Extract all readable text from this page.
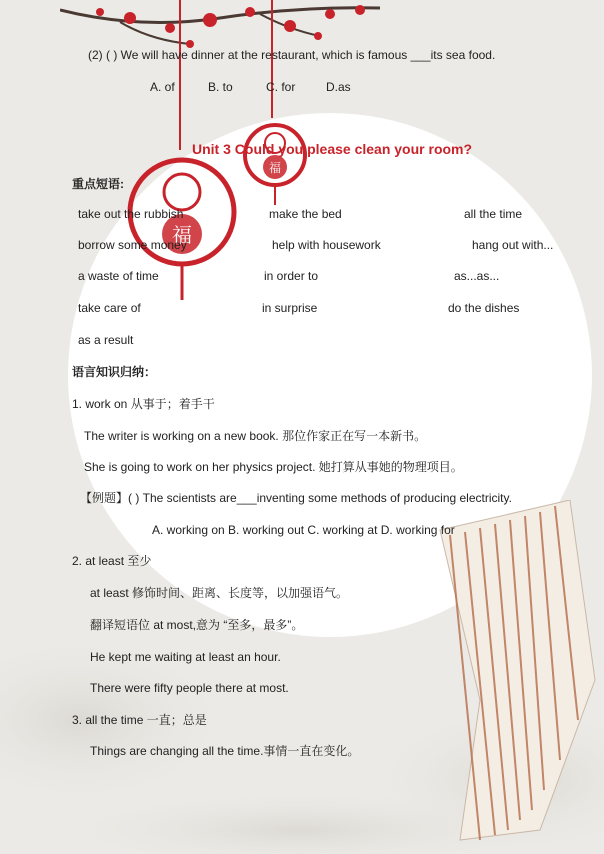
福
福
(2) ( ) We will have dinner at the restaurant, which is famous ___its sea food.
A. of	B. to	C. for	D.as
Unit 3 Could you please clean your room?
重点短语:
take out the rubbish	make the bed	all the time
borrow some money	help with housework	hang out with...
a waste of time	in order to	as...as...
take care of	in surprise	do the dishes
as a result
语言知识归纳：
1. work on 从事于；着手干
The writer is working on a new book. 那位作家正在写一本新书。
She is going to work on her physics project. 她打算从事她的物理项目。
【例题】( ) The scientists are___inventing some methods of producing electricity.
A. working on B. working out C. working at D. working for
2. at least 至少
at least 修饰时间、距离、长度等，以加强语气。
翻译短语位 at most,意为 “至多，最多”。
He kept me waiting at least an hour.
There were fifty people there at most.
3. all the time 一直；总是
Things are changing all the time.事情一直在变化。
